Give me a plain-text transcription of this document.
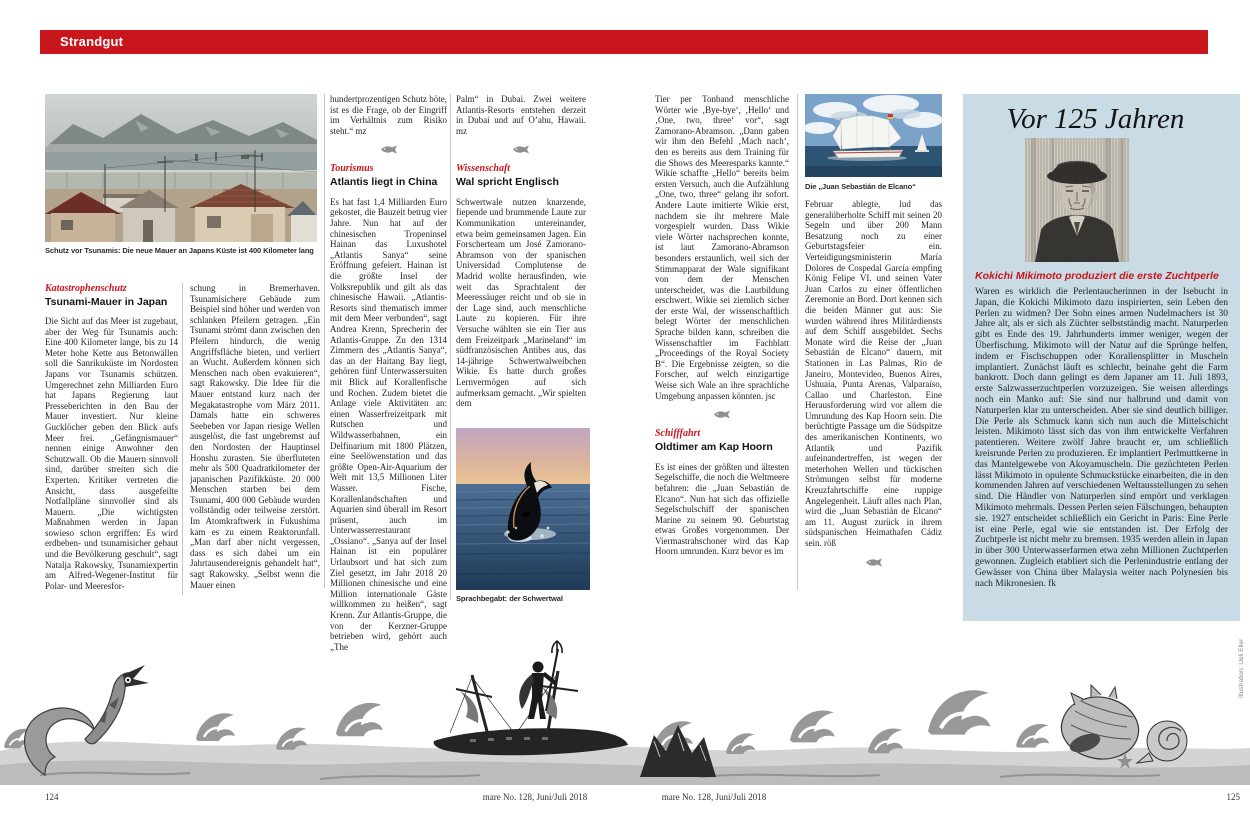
Strandgut
Schutz vor Tsunamis: Die neue Mauer an Japans Küste ist 400 Kilometer lang
Katastrophenschutz
Tsunami-Mauer in Japan
Die Sicht auf das Meer ist zugebaut, aber der Weg für Tsunamis auch: Eine 400 Kilometer lange, bis zu 14 Meter hohe Kette aus Betonwällen soll die Sanrikuküste im Nordosten Japans vor Tsunamis schützen. Umgerechnet zehn Milliarden Euro hat Japans Regierung laut Presseberichten in den Bau der Mauer investiert. Nur kleine Gucklöcher geben den Blick aufs Meer frei. „Gefängnismauer“ nennen einige Anwohner den Schutzwall. Ob die Mauern sinnvoll sind, darüber streiten sich die Experten. Kritiker vertreten die Ansicht, dass ausgefeilte Notfallpläne sinnvoller sind als Mauern. „Die wichtigsten Maßnahmen werden in Japan sowieso schon ergriffen: Es wird erdbeben- und tsunamisicher gebaut und die Bevölkerung geschult“, sagt Natalja Rakowsky, Tsunamiexpertin am Alfred-Wegener-Institut für Polar- und Meeresfor-
schung in Bremerhaven. Tsunamisichere Gebäude zum Beispiel sind höher und werden von schlanken Pfeilern getragen. „Ein Tsunami strömt dann zwischen den Pfeilern hindurch, die wenig Angriffsfläche bieten, und verliert an Wucht. Außerdem können sich Menschen nach oben evakuieren“, sagt Rakowsky. Die Idee für die Mauer entstand kurz nach der Megakatastrophe vom März 2011. Damals hatte ein schweres Seebeben vor Japan riesige Wellen ausgelöst, die fast ungebremst auf den Nordosten der Hauptinsel Honshu zurasten. Sie überfluteten mehr als 500 Quadratkilometer der japanischen Pazifikküste. 20 000 Menschen starben bei dem Tsunami, 400 000 Gebäude wurden vollständig oder teilweise zerstört. Im Atomkraftwerk in Fukushima kam es zu einem Reaktorunfall. „Man darf aber nicht vergessen, dass es sich dabei um ein Jahrtausendereignis gehandelt hat“, sagt Rakowsky. „Selbst wenn die Mauer einen
hundertprozentigen Schutz böte, ist es die Frage, ob der Eingriff im Verhältnis zum Risiko steht.“ mz
Tourismus
Atlantis liegt in China
Es hat fast 1,4 Milliarden Euro gekostet, die Bauzeit betrug vier Jahre. Nun hat auf der chinesischen Tropeninsel Hainan das Luxushotel „Atlantis Sanya“ seine Eröffnung gefeiert. Hainan ist die größte Insel der Volksrepublik und gilt als das chinesische Hawaii. „Atlantis-Resorts sind thematisch immer mit dem Meer verbunden“, sagt Andrea Krenn, Sprecherin der Atlantis-Gruppe. Zu den 1314 Zimmern des „Atlantis Sanya“, das an der Haitang Bay liegt, gehören fünf Unterwassersuiten mit Blick auf Korallenfische und Rochen. Zudem bietet die Anlage viele Aktivitäten an: einen Wasserfreizeitpark mit Rutschen und Wildwasserbahnen, ein Delfinarium mit 1800 Plätzen, eine Seelöwenstation und das größte Open-Air-Aquarium der Welt mit 13,5 Millionen Liter Wasser. Fische, Korallenlandschaften und Aquarien sind überall im Resort präsent, auch im Unterwasserrestaurant „Ossiano“. „Sanya auf der Insel Hainan ist ein populärer Urlaubsort und hat sich zum Ziel gesetzt, im Jahr 2018 20 Millionen chinesische und eine Million internationale Gäste willkommen zu heißen“, sagt Krenn. Zur Atlantis-Gruppe, die von der Kerzner-Gruppe betrieben wird, gehört auch „The
Palm“ in Dubai. Zwei weitere Atlantis-Resorts entstehen derzeit in Dubai und auf O’ahu, Hawaii. mz
Wissenschaft
Wal spricht Englisch
Schwertwale nutzen knarzende, fiepende und brummende Laute zur Kommunikation untereinander, etwa beim gemeinsamen Jagen. Ein Forscherteam um José Zamorano-Abramson von der spanischen Universidad Complutense de Madrid wollte herausfinden, wie weit das Sprachtalent der Meeressäuger reicht und ob sie in der Lage sind, auch menschliche Laute zu kopieren. Für ihre Versuche wählten sie ein Tier aus dem Freizeitpark „Marineland“ im südfranzösischen Antibes aus, das 14-jährige Schwertwalweibchen Wikie. Es hatte durch großes Lernvermögen auf sich aufmerksam gemacht. „Wir spielten dem
Sprachbegabt: der Schwertwal
Tier per Tonband menschliche Wörter wie ‚Bye-bye‘, ‚Hello‘ und ‚One, two, three‘ vor“, sagt Zamorano-Abramson. „Dann gaben wir ihm den Befehl ‚Mach nach‘, den es bereits aus dem Training für die Shows des Meeresparks kannte.“ Wikie schaffte „Hello“ bereits beim ersten Versuch, auch die Aufzählung „One, two, three“ gelang ihr sofort. Andere Laute imitierte Wikie erst, nachdem sie ihr mehrere Male vorgespielt wurden. Dass Wikie viele Wörter nachsprechen konnte, ist laut Zamorano-Abramson besonders erstaunlich, weil sich der Stimmapparat der Wale signifikant von dem der Menschen unterscheidet, was die Lautbildung erschwert. Wikie sei ziemlich sicher der erste Wal, der wissenschaftlich belegt Wörter der menschlichen Sprache bilden kann, schreiben die Wissenschaftler im Fachblatt „Proceedings of the Royal Society B“. Die Ergebnisse zeigten, so die Forscher, auf welch einzigartige Weise sich Wale an ihre sprachliche Umgebung anpassen könnten. jsc
Schifffahrt
Oldtimer am Kap Hoorn
Es ist eines der größten und ältesten Segelschiffe, die noch die Weltmeere befahren: die „Juan Sebastián de Elcano“. Nun hat sich das offizielle Segelschulschiff der spanischen Marine zu seinem 90. Geburtstag etwas Großes vorgenommen. Der Viermastrahschoner wird das Kap Hoorn umrunden. Kurz bevor es im
Die „Juan Sebastián de Elcano“
Februar ablegte, lud das generalüberholte Schiff mit seinen 20 Segeln und über 200 Mann Besatzung noch zu einer Geburtstagsfeier ein. Verteidigungsministerin María Dolores de Cospedal García empfing König Felipe VI. und seinen Vater Juan Carlos zu einer öffentlichen Zeremonie an Bord. Dort kennen sich die beiden Männer gut aus: Sie wurden während ihres Militärdiensts auf dem Schiff ausgebildet. Sechs Monate wird die Reise der „Juan Sebastián de Elcano“ dauern, mit Stationen in Las Palmas, Rio de Janeiro, Montevideo, Buenos Aires, Ushuaia, Punta Arenas, Valparaíso, Callao und Charleston. Eine Herausforderung wird vor allem die Umrundung des Kap Hoorn sein. Die berüchtigte Passage um die Südspitze des amerikanischen Kontinents, wo Atlantik und Pazifik aufeinandertreffen, ist wegen der meterhohen Wellen und tückischen Strömungen selbst für moderne Kreuzfahrtschiffe eine ruppige Angelegenheit. Läuft alles nach Plan, wird die „Juan Sebastián de Elcano“ am 11. August zurück in ihrem südspanischen Heimathafen Cádiz sein. röß
Vor 125 Jahren
Kokichi Mikimoto produziert die erste Zuchtperle
Waren es wirklich die Perlentaucherinnen in der Isebucht in Japan, die Kokichi Mikimoto dazu inspirierten, sein Leben den Perlen zu widmen? Der Sohn eines armen Nudelmachers ist 30 Jahre alt, als er sich als Züchter selbstständig macht. Naturperlen gibt es Ende des 19. Jahrhunderts immer weniger, wegen der Überfischung. Mikimoto will der Natur auf die Sprünge helfen, indem er Fischschuppen oder Korallensplitter in Muscheln implantiert. Zunächst läuft es schlecht, beinahe geht die Farm bankrott. Doch dann gelingt es dem Japaner am 11. Juli 1893, erste Salzwasserzuchtperlen vorzuzeigen. Sie weisen allerdings noch ein Manko auf: Sie sind nur halbrund und damit von Naturperlen klar zu unterscheiden. Aber sie sind deutlich billiger. Die Perle als Schmuck kann sich nun auch die Mittelschicht leisten. Mikimoto lässt sich das von ihm entwickelte Verfahren patentieren. Weitere zwölf Jahre braucht er, um schließlich kreisrunde Perlen zu produzieren. Er implantiert Perlmuttkerne in das Mantelgewebe von Akoyamuscheln. Die gezüchteten Perlen lässt Mikimoto in opulente Schmuckstücke einarbeiten, die in den kommenden Jahren auf verschiedenen Weltausstellungen zu sehen sind. Die Händler von Naturperlen sind empört und verklagen Mikimoto mehrmals. Dessen Perlen seien Fälschungen, behaupten sie. 1927 entscheidet schließlich ein Gericht in Paris: Eine Perle ist eine Perle, egal wie sie entstanden ist. Der Erfolg der Zuchtperle ist nicht mehr zu bremsen. 1935 werden allein in Japan in über 300 Unterwasserfarmen etwa zehn Millionen Zuchtperlen gewonnen. Zugleich etabliert sich die Perlenindustrie entlang der Gewässer von China über Malaysia weiter nach Polynesien bis nach Mikronesien. fk
Illustration: Ueli Eller
124	mare No. 128, Juni/Juli 2018	mare No. 128, Juni/Juli 2018	125
